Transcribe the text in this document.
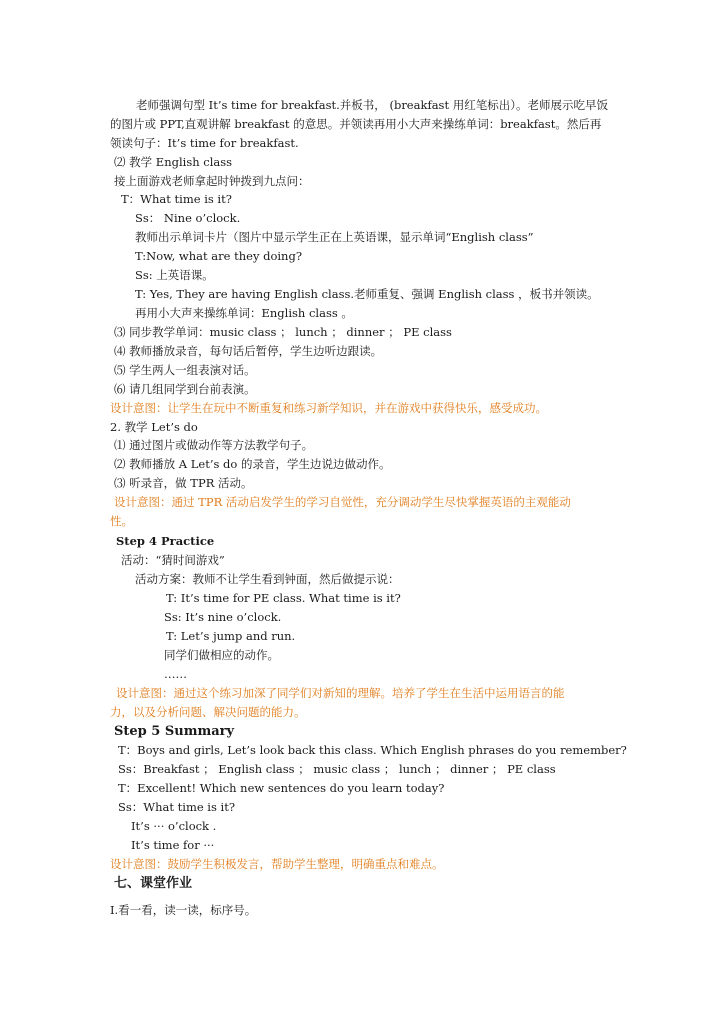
老师强调句型 It’s time for breakfast.并板书， (breakfast 用红笔标出）。老师展示吃早饭
的图片或 PPT,直观讲解 breakfast 的意思。并领读再用小大声来操练单词：breakfast。然后再
领读句子：It’s time for breakfast.
⑵ 教学 English class
接上面游戏老师拿起时钟拨到九点问：
T：What time is it?
Ss： Nine o’clock.
教师出示单词卡片（图片中显示学生正在上英语课，显示单词“English class”
T:Now, what are they doing?
Ss: 上英语课。
T: Yes, They are having English class.老师重复、强调 English class ，板书并领读。
再用小大声来操练单词：English class 。
⑶ 同步教学单词：music class ； lunch ； dinner ； PE class
⑷ 教师播放录音，每句话后暂停，学生边听边跟读。
⑸ 学生两人一组表演对话。
⑹ 请几组同学到台前表演。
设计意图：让学生在玩中不断重复和练习新学知识，并在游戏中获得快乐，感受成功。
2. 教学 Let’s do
⑴ 通过图片或做动作等方法教学句子。
⑵ 教师播放 A Let’s do 的录音，学生边说边做动作。
⑶ 听录音，做 TPR 活动。
设计意图：通过 TPR 活动启发学生的学习自觉性，充分调动学生尽快掌握英语的主观能动
性。
Step 4 Practice
活动：“猜时间游戏”
活动方案：教师不让学生看到钟面，然后做提示说：
T: It’s time for PE class. What time is it?
Ss: It’s nine o’clock.
T: Let’s jump and run.
同学们做相应的动作。
……
设计意图：通过这个练习加深了同学们对新知的理解。培养了学生在生活中运用语言的能
力，以及分析问题、解决问题的能力。
Step 5 Summary
T：Boys and girls, Let’s look back this class. Which English phrases do you remember?
Ss：Breakfast ； English class ； music class ； lunch ； dinner ； PE class
T：Excellent! Which new sentences do you learn today?
Ss：What time is it?
It’s ··· o’clock .
It’s time for ···
设计意图：鼓励学生积极发言，帮助学生整理，明确重点和难点。
七、课堂作业
Ⅰ.看一看，读一读，标序号。
